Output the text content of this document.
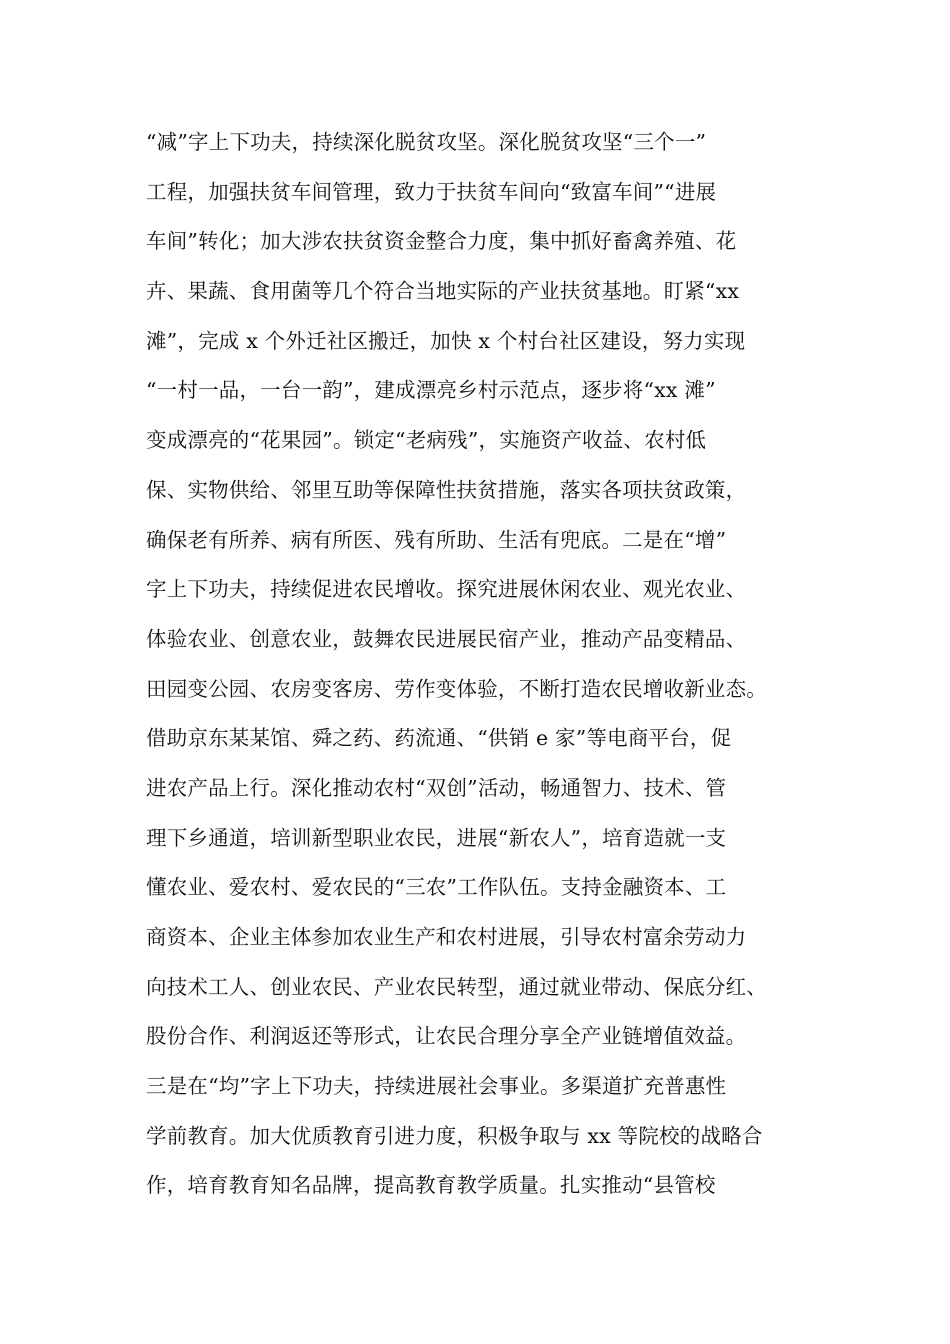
“减”字上下功夫，持续深化脱贫攻坚。深化脱贫攻坚“三个一”
工程，加强扶贫车间管理，致力于扶贫车间向“致富车间”“进展
车间”转化；加大涉农扶贫资金整合力度，集中抓好畜禽养殖、花
卉、果蔬、食用菌等几个符合当地实际的产业扶贫基地。盯紧“xx
滩”，完成 x 个外迁社区搬迁，加快 x 个村台社区建设，努力实现
“一村一品，一台一韵”，建成漂亮乡村示范点，逐步将“xx 滩”
变成漂亮的“花果园”。锁定“老病残”，实施资产收益、农村低
保、实物供给、邻里互助等保障性扶贫措施，落实各项扶贫政策，
确保老有所养、病有所医、残有所助、生活有兜底。二是在“增”
字上下功夫，持续促进农民增收。探究进展休闲农业、观光农业、
体验农业、创意农业，鼓舞农民进展民宿产业，推动产品变精品、
田园变公园、农房变客房、劳作变体验，不断打造农民增收新业态。
借助京东某某馆、舜之药、药流通、“供销 e 家”等电商平台，促
进农产品上行。深化推动农村“双创”活动，畅通智力、技术、管
理下乡通道，培训新型职业农民，进展“新农人”，培育造就一支
懂农业、爱农村、爱农民的“三农”工作队伍。支持金融资本、工
商资本、企业主体参加农业生产和农村进展，引导农村富余劳动力
向技术工人、创业农民、产业农民转型，通过就业带动、保底分红、
股份合作、利润返还等形式，让农民合理分享全产业链增值效益。
三是在“均”字上下功夫，持续进展社会事业。多渠道扩充普惠性
学前教育。加大优质教育引进力度，积极争取与 xx 等院校的战略合
作，培育教育知名品牌，提高教育教学质量。扎实推动“县管校
